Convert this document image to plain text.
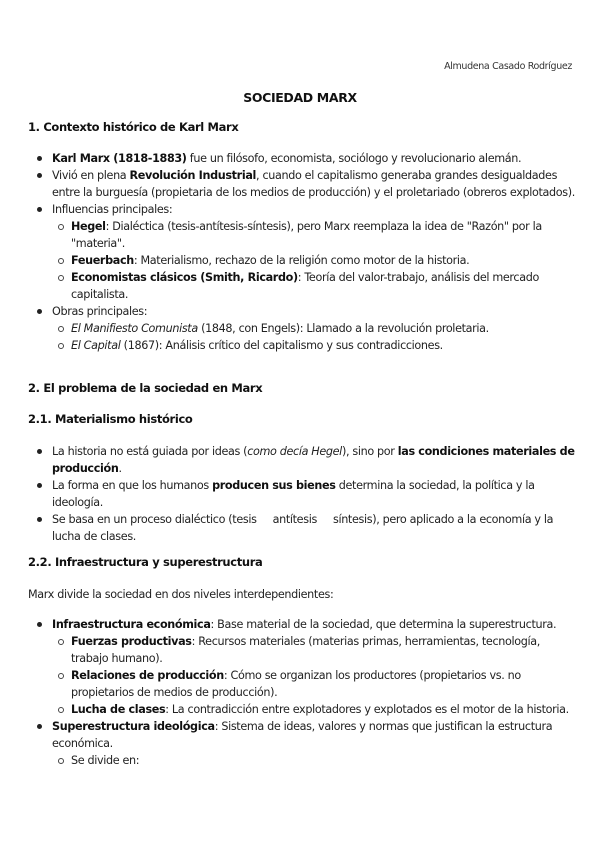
Almudena Casado Rodríguez
SOCIEDAD MARX
1. Contexto histórico de Karl Marx
Karl Marx (1818-1883) fue un filósofo, economista, sociólogo y revolucionario alemán.
Vivió en plena Revolución Industrial, cuando el capitalismo generaba grandes desigualdades entre la burguesía (propietaria de los medios de producción) y el proletariado (obreros explotados).
Influencias principales:
Hegel: Dialéctica (tesis-antítesis-síntesis), pero Marx reemplaza la idea de "Razón" por la "materia".
Feuerbach: Materialismo, rechazo de la religión como motor de la historia.
Economistas clásicos (Smith, Ricardo): Teoría del valor-trabajo, análisis del mercado capitalista.
Obras principales:
El Manifiesto Comunista (1848, con Engels): Llamado a la revolución proletaria.
El Capital (1867): Análisis crítico del capitalismo y sus contradicciones.
2. El problema de la sociedad en Marx
2.1. Materialismo histórico
La historia no está guiada por ideas (como decía Hegel), sino por las condiciones materiales de producción.
La forma en que los humanos producen sus bienes determina la sociedad, la política y la ideología.
Se basa en un proceso dialéctico (tesis     antítesis     síntesis), pero aplicado a la economía y la lucha de clases.
2.2. Infraestructura y superestructura
Marx divide la sociedad en dos niveles interdependientes:
Infraestructura económica: Base material de la sociedad, que determina la superestructura.
Fuerzas productivas: Recursos materiales (materias primas, herramientas, tecnología, trabajo humano).
Relaciones de producción: Cómo se organizan los productores (propietarios vs. no propietarios de medios de producción).
Lucha de clases: La contradicción entre explotadores y explotados es el motor de la historia.
Superestructura ideológica: Sistema de ideas, valores y normas que justifican la estructura económica.
Se divide en:
